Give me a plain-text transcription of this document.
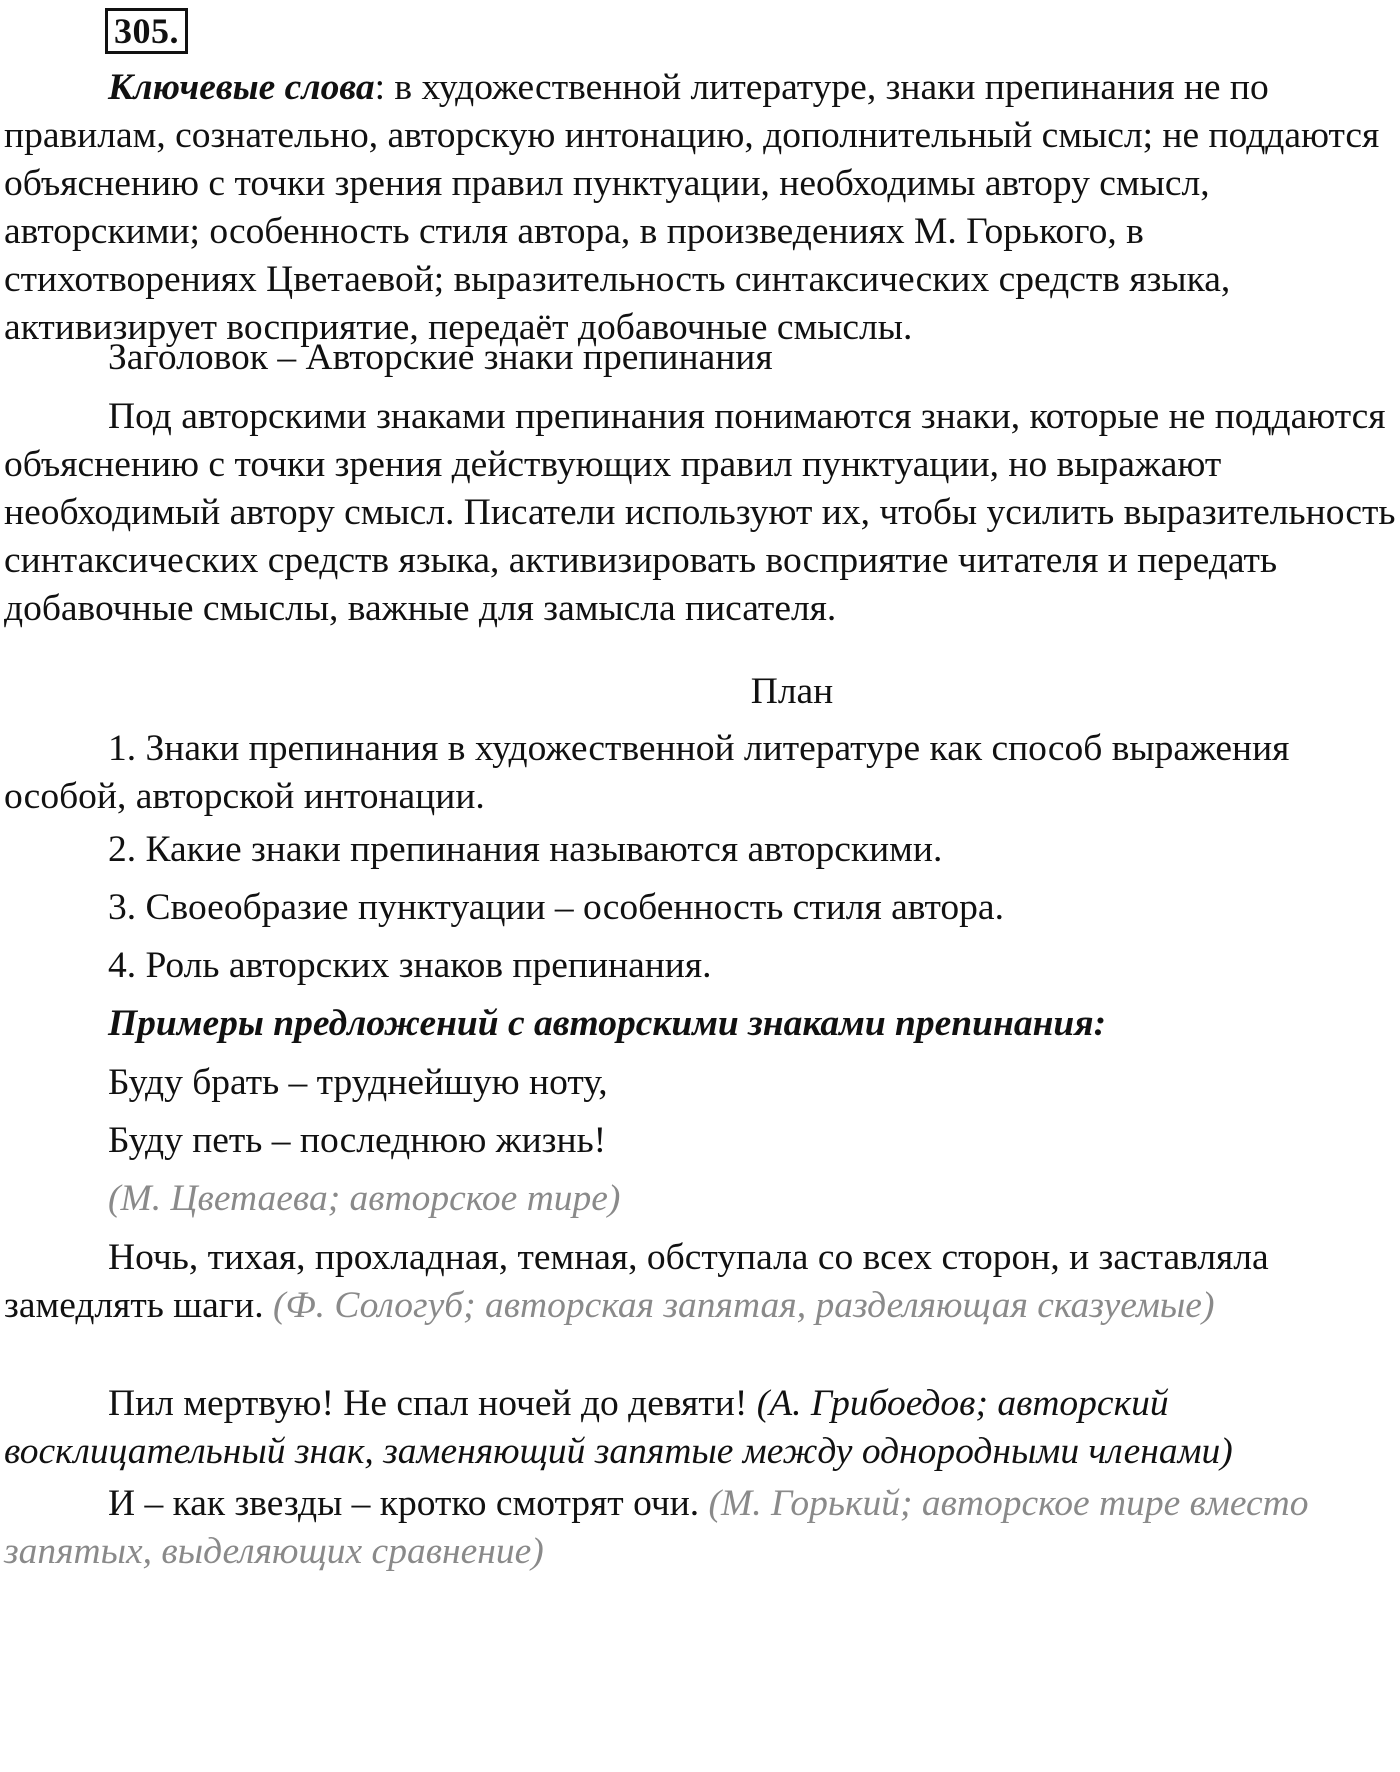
305.

Ключевые слова: в художественной литературе, знаки препинания не по правилам, сознательно, авторскую интонацию, дополнительный смысл; не поддаются объяснению с точки зрения правил пунктуации, необходимы автору смысл, авторскими; особенность стиля автора, в произведениях М. Горького, в стихотворениях Цветаевой; выразительность синтаксических средств языка, активизирует восприятие, передаёт добавочные смыслы.

Заголовок – Авторские знаки препинания

Под авторскими знаками препинания понимаются знаки, которые не поддаются объяснению с точки зрения действующих правил пунктуации, но выражают необходимый автору смысл. Писатели используют их, чтобы усилить выразительность синтаксических средств языка, активизировать восприятие читателя и передать добавочные смыслы, важные для замысла писателя.

План

1. Знаки препинания в художественной литературе как способ выражения особой, авторской интонации.

2. Какие знаки препинания называются авторскими.

3. Своеобразие пунктуации – особенность стиля автора.

4. Роль авторских знаков препинания.

Примеры предложений с авторскими знаками препинания:

Буду брать – труднейшую ноту,

Буду петь – последнюю жизнь!

(М. Цветаева; авторское тире)

Ночь, тихая, прохладная, темная, обступала со всех сторон, и заставляла замедлять шаги. (Ф. Сологуб; авторская запятая, разделяющая сказуемые)

Пил мертвую! Не спал ночей до девяти! (А. Грибоедов; авторский восклицательный знак, заменяющий запятые между однородными членами)

И – как звезды – кротко смотрят очи. (М. Горький; авторское тире вместо запятых, выделяющих сравнение)
